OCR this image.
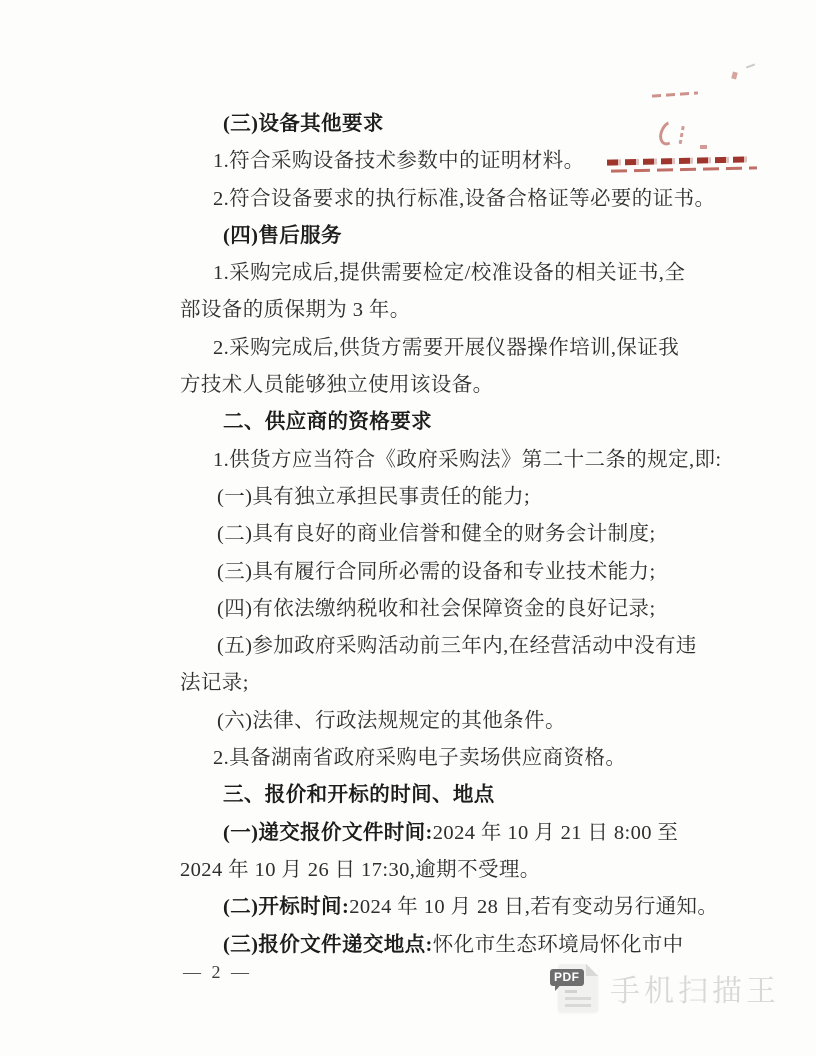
(三)设备其他要求
1.符合采购设备技术参数中的证明材料。
2.符合设备要求的执行标准,设备合格证等必要的证书。
(四)售后服务
1.采购完成后,提供需要检定/校准设备的相关证书,全
部设备的质保期为 3 年。
2.采购完成后,供货方需要开展仪器操作培训,保证我
方技术人员能够独立使用该设备。
二、供应商的资格要求
1.供货方应当符合《政府采购法》第二十二条的规定,即:
(一)具有独立承担民事责任的能力;
(二)具有良好的商业信誉和健全的财务会计制度;
(三)具有履行合同所必需的设备和专业技术能力;
(四)有依法缴纳税收和社会保障资金的良好记录;
(五)参加政府采购活动前三年内,在经营活动中没有违
法记录;
(六)法律、行政法规规定的其他条件。
2.具备湖南省政府采购电子卖场供应商资格。
三、报价和开标的时间、地点
(一)递交报价文件时间:2024 年 10 月 21 日 8:00 至
2024 年 10 月 26 日 17:30,逾期不受理。
(二)开标时间:2024 年 10 月 28 日,若有变动另行通知。
(三)报价文件递交地点:怀化市生态环境局怀化市中
— 2 —	PDF 手机扫描王
